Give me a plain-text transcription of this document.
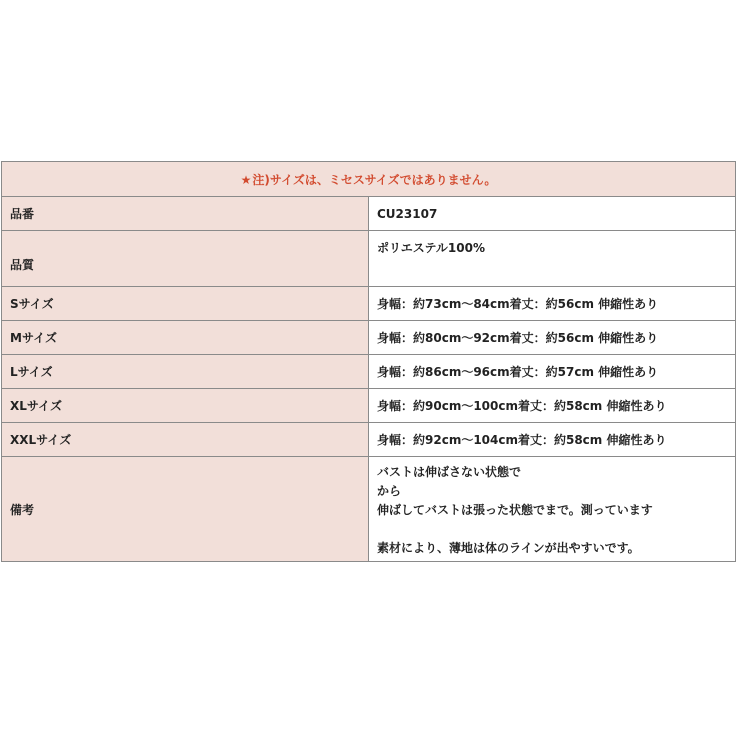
★注)サイズは、ミセスサイズではありません。	
品番	CU23107
品質	ポリエステル100%
Sサイズ	身幅：約73cm～84cm着丈：約56cm 伸縮性あり
Mサイズ	身幅：約80cm～92cm着丈：約56cm 伸縮性あり
Lサイズ	身幅：約86cm～96cm着丈：約57cm 伸縮性あり
XLサイズ	身幅：約90cm～100cm着丈：約58cm 伸縮性あり
XXLサイズ	身幅：約92cm～104cm着丈：約58cm 伸縮性あり
備考	バストは伸ばさない状態で
から
伸ばしてバストは張った状態でまで。測っています
素材により、薄地は体のラインが出やすいです。
